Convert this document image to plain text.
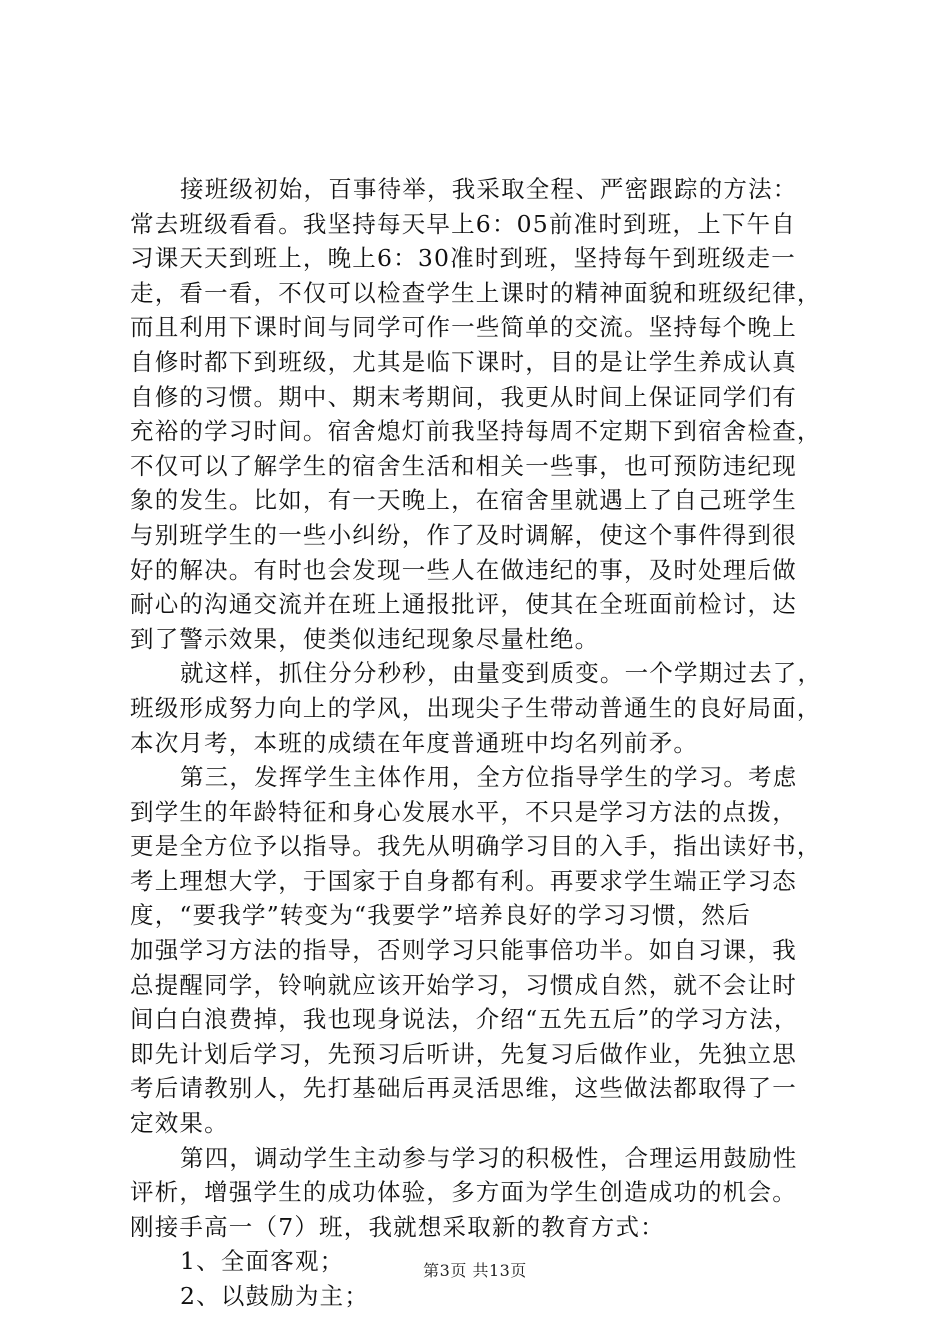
接班级初始，百事待举，我采取全程、严密跟踪的方法：
常去班级看看。我坚持每天早上6：05前准时到班，上下午自
习课天天到班上，晚上6：30准时到班，坚持每午到班级走一
走，看一看，不仅可以检查学生上课时的精神面貌和班级纪律，
而且利用下课时间与同学可作一些简单的交流。坚持每个晚上
自修时都下到班级，尤其是临下课时，目的是让学生养成认真
自修的习惯。期中、期末考期间，我更从时间上保证同学们有
充裕的学习时间。宿舍熄灯前我坚持每周不定期下到宿舍检查，
不仅可以了解学生的宿舍生活和相关一些事，也可预防违纪现
象的发生。比如，有一天晚上，在宿舍里就遇上了自己班学生
与别班学生的一些小纠纷，作了及时调解，使这个事件得到很
好的解决。有时也会发现一些人在做违纪的事，及时处理后做
耐心的沟通交流并在班上通报批评，使其在全班面前检讨，达
到了警示效果，使类似违纪现象尽量杜绝。
就这样，抓住分分秒秒，由量变到质变。一个学期过去了，
班级形成努力向上的学风，出现尖子生带动普通生的良好局面，
本次月考，本班的成绩在年度普通班中均名列前矛。
第三，发挥学生主体作用，全方位指导学生的学习。考虑
到学生的年龄特征和身心发展水平，不只是学习方法的点拨，
更是全方位予以指导。我先从明确学习目的入手，指出读好书，
考上理想大学，于国家于自身都有利。再要求学生端正学习态
度，“要我学”转变为“我要学”培养良好的学习习惯，然后
加强学习方法的指导，否则学习只能事倍功半。如自习课，我
总提醒同学，铃响就应该开始学习，习惯成自然，就不会让时
间白白浪费掉，我也现身说法，介绍“五先五后”的学习方法，
即先计划后学习，先预习后听讲，先复习后做作业，先独立思
考后请教别人，先打基础后再灵活思维，这些做法都取得了一
定效果。
第四，调动学生主动参与学习的积极性，合理运用鼓励性
评析，增强学生的成功体验，多方面为学生创造成功的机会。
刚接手高一（7）班，我就想采取新的教育方式：
1、全面客观；
2、以鼓励为主；
第3页 共13页
